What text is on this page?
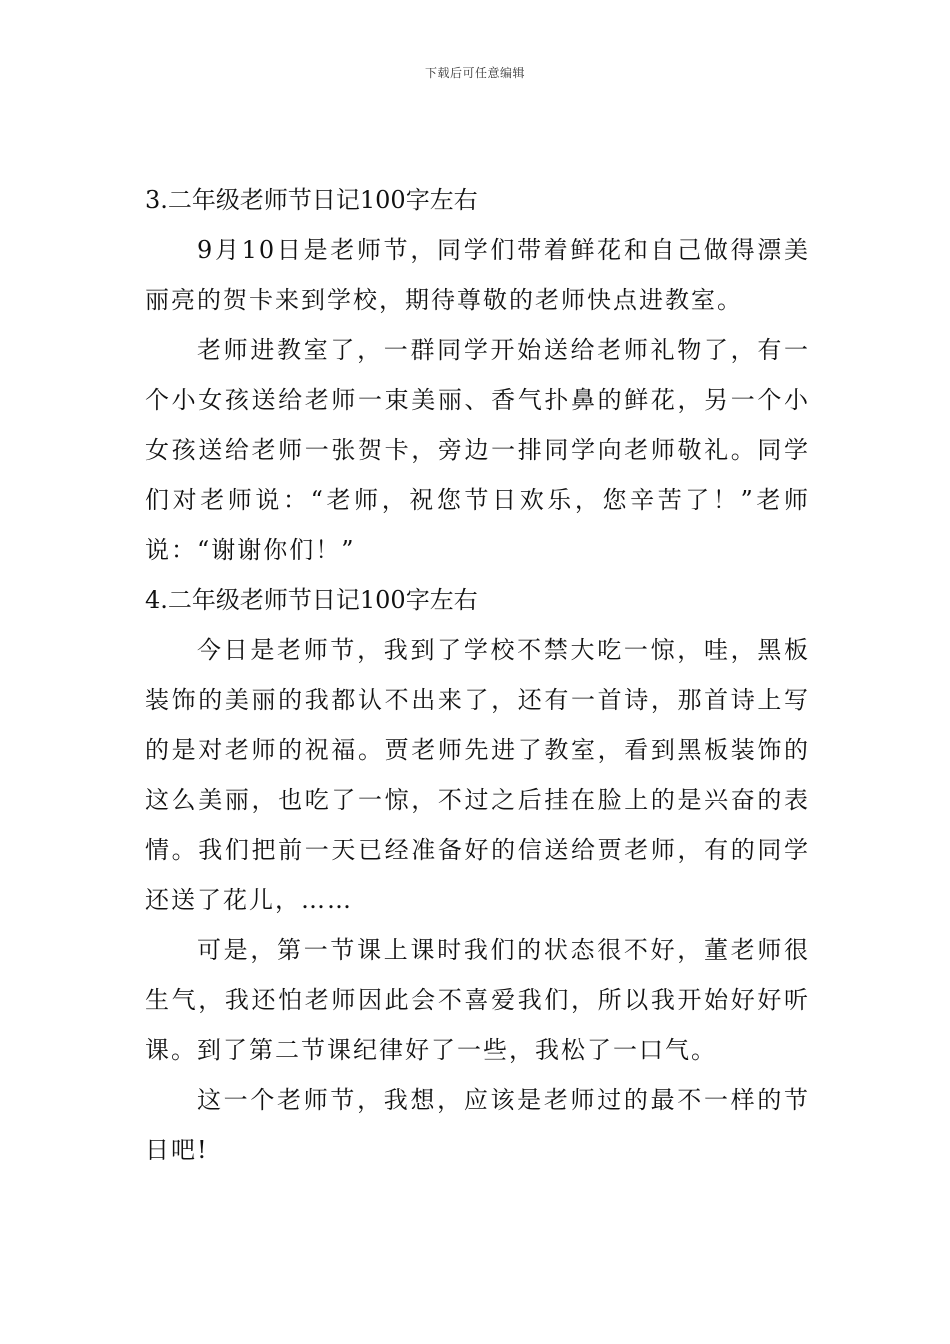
下载后可任意编辑
3.二年级老师节日记100字左右

9月10日是老师节，同学们带着鲜花和自己做得漂美丽亮的贺卡来到学校，期待尊敬的老师快点进教室。

老师进教室了，一群同学开始送给老师礼物了，有一个小女孩送给老师一束美丽、香气扑鼻的鲜花，另一个小女孩送给老师一张贺卡，旁边一排同学向老师敬礼。同学们对老师说：“老师，祝您节日欢乐，您辛苦了！”老师说：“谢谢你们！”

4.二年级老师节日记100字左右

今日是老师节，我到了学校不禁大吃一惊，哇，黑板装饰的美丽的我都认不出来了，还有一首诗，那首诗上写的是对老师的祝福。贾老师先进了教室，看到黑板装饰的这么美丽，也吃了一惊，不过之后挂在脸上的是兴奋的表情。我们把前一天已经准备好的信送给贾老师，有的同学还送了花儿，……

可是，第一节课上课时我们的状态很不好，董老师很生气，我还怕老师因此会不喜爱我们，所以我开始好好听课。到了第二节课纪律好了一些，我松了一口气。

这一个老师节，我想，应该是老师过的最不一样的节日吧!
